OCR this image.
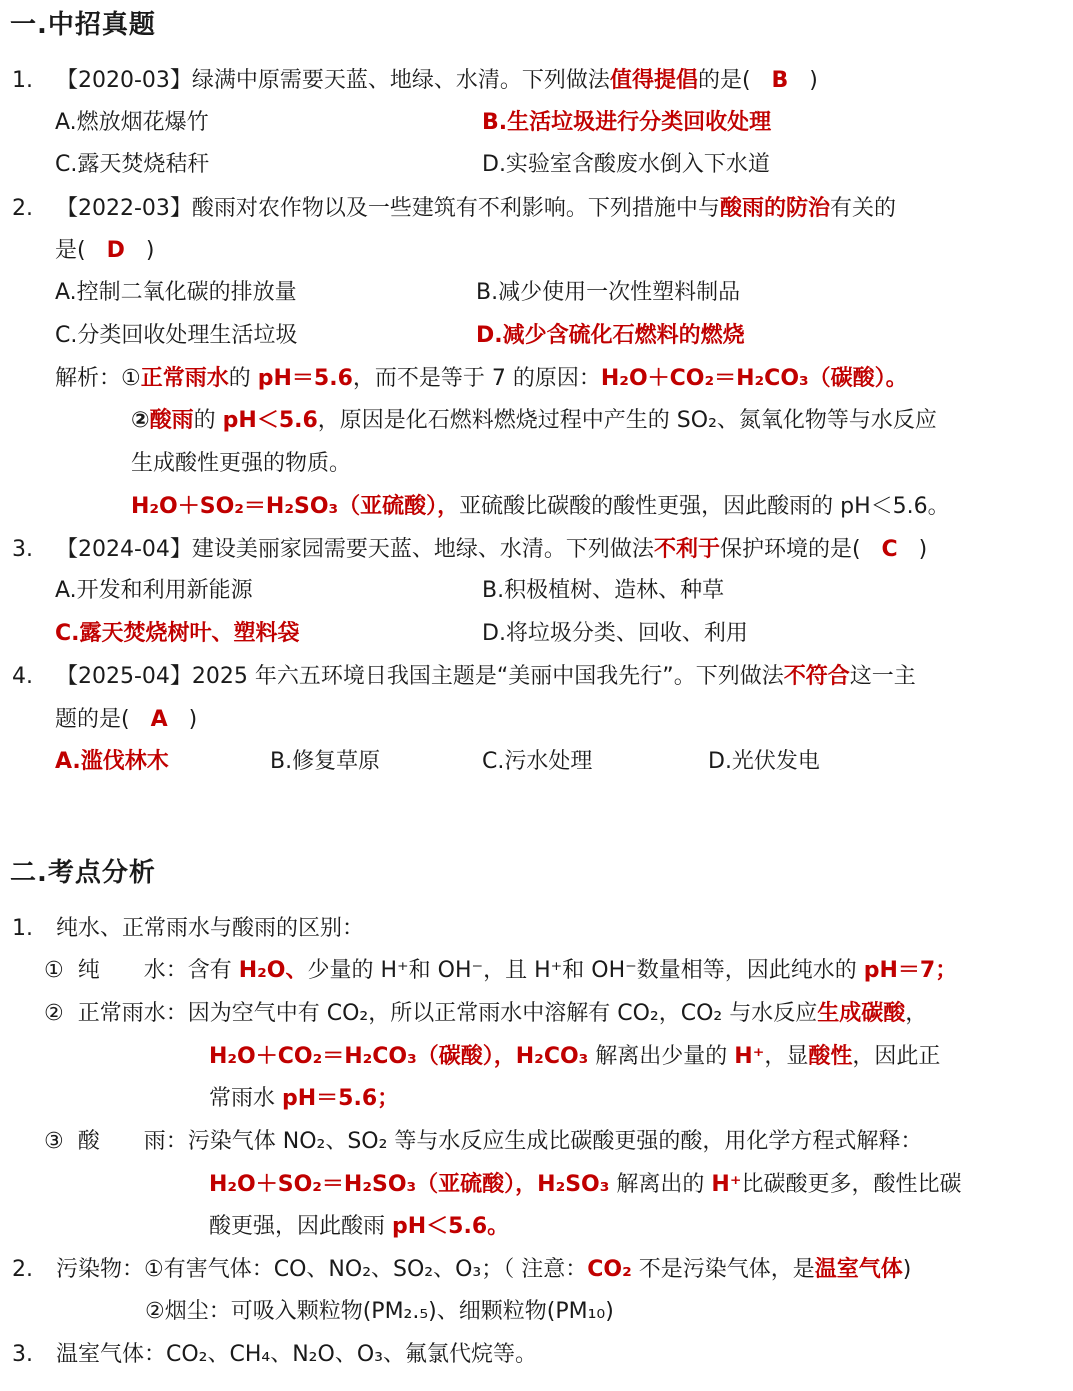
一.中招真题
1. 【2020-03】绿满中原需要天蓝、地绿、水清。下列做法值得提倡的是( B )
A.燃放烟花爆竹	B.生活垃圾进行分类回收处理
C.露天焚烧秸秆	D.实验室含酸废水倒入下水道
2. 【2022-03】酸雨对农作物以及一些建筑有不利影响。下列措施中与酸雨的防治有关的
是( D )
A.控制二氧化碳的排放量	B.减少使用一次性塑料制品
C.分类回收处理生活垃圾	D.减少含硫化石燃料的燃烧
解析：①正常雨水的 pH＝5.6，而不是等于 7 的原因：H₂O＋CO₂＝H₂CO₃（碳酸）。
②酸雨的 pH＜5.6，原因是化石燃料燃烧过程中产生的 SO₂、氮氧化物等与水反应
生成酸性更强的物质。
H₂O＋SO₂＝H₂SO₃（亚硫酸），亚硫酸比碳酸的酸性更强，因此酸雨的 pH＜5.6。
3. 【2024-04】建设美丽家园需要天蓝、地绿、水清。下列做法不利于保护环境的是( C )
A.开发和利用新能源	B.积极植树、造林、种草
C.露天焚烧树叶、塑料袋	D.将垃圾分类、回收、利用
4. 【2025-04】2025 年六五环境日我国主题是“美丽中国我先行”。下列做法不符合这一主
题的是( A )
A.滥伐林木	B.修复草原	C.污水处理	D.光伏发电
二.考点分析
1. 纯水、正常雨水与酸雨的区别：
① 纯　　水：含有 H₂O、少量的 H⁺和 OH⁻，且 H⁺和 OH⁻数量相等，因此纯水的 pH＝7；
② 正常雨水：因为空气中有 CO₂，所以正常雨水中溶解有 CO₂，CO₂ 与水反应生成碳酸，
H₂O＋CO₂＝H₂CO₃（碳酸），H₂CO₃ 解离出少量的 H⁺，显酸性，因此正
常雨水 pH＝5.6；
③ 酸　　雨：污染气体 NO₂、SO₂ 等与水反应生成比碳酸更强的酸，用化学方程式解释：
H₂O＋SO₂＝H₂SO₃（亚硫酸），H₂SO₃ 解离出的 H⁺比碳酸更多，酸性比碳
酸更强，因此酸雨 pH＜5.6。
2. 污染物：①有害气体：CO、NO₂、SO₂、O₃；（ 注意：CO₂ 不是污染气体，是温室气体)
②烟尘：可吸入颗粒物(PM₂.₅)、细颗粒物(PM₁₀)
3. 温室气体：CO₂、CH₄、N₂O、O₃、氟氯代烷等。
